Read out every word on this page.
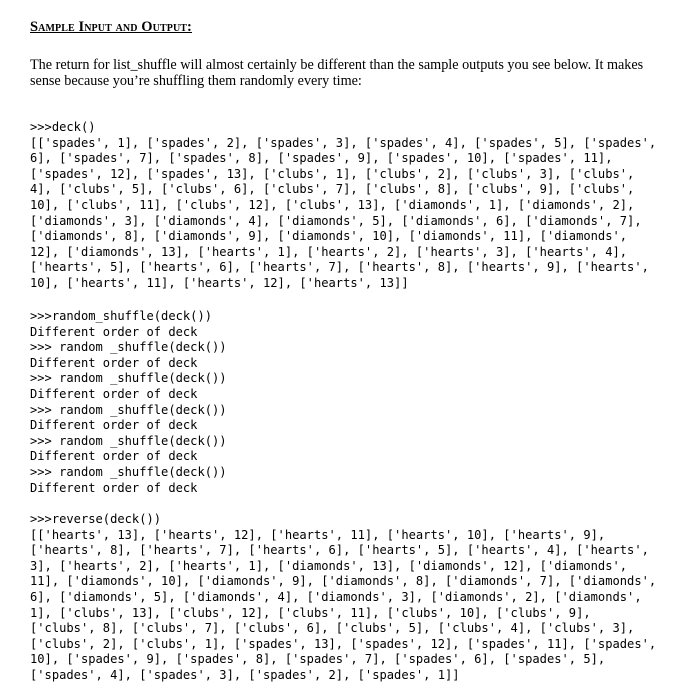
Sample Input and Output:

The return for list_shuffle will almost certainly be different than the sample outputs you see below. It makes sense because you’re shuffling them randomly every time:

>>>deck()
[['spades', 1], ['spades', 2], ['spades', 3], ['spades', 4], ['spades', 5], ['spades',
6], ['spades', 7], ['spades', 8], ['spades', 9], ['spades', 10], ['spades', 11],
['spades', 12], ['spades', 13], ['clubs', 1], ['clubs', 2], ['clubs', 3], ['clubs',
4], ['clubs', 5], ['clubs', 6], ['clubs', 7], ['clubs', 8], ['clubs', 9], ['clubs',
10], ['clubs', 11], ['clubs', 12], ['clubs', 13], ['diamonds', 1], ['diamonds', 2],
['diamonds', 3], ['diamonds', 4], ['diamonds', 5], ['diamonds', 6], ['diamonds', 7],
['diamonds', 8], ['diamonds', 9], ['diamonds', 10], ['diamonds', 11], ['diamonds',
12], ['diamonds', 13], ['hearts', 1], ['hearts', 2], ['hearts', 3], ['hearts', 4],
['hearts', 5], ['hearts', 6], ['hearts', 7], ['hearts', 8], ['hearts', 9], ['hearts',
10], ['hearts', 11], ['hearts', 12], ['hearts', 13]]
>>>random_shuffle(deck())
Different order of deck
>>> random _shuffle(deck())
Different order of deck
>>> random _shuffle(deck())
Different order of deck
>>> random _shuffle(deck())
Different order of deck
>>> random _shuffle(deck())
Different order of deck
>>> random _shuffle(deck())
Different order of deck
>>>reverse(deck())
[['hearts', 13], ['hearts', 12], ['hearts', 11], ['hearts', 10], ['hearts', 9],
['hearts', 8], ['hearts', 7], ['hearts', 6], ['hearts', 5], ['hearts', 4], ['hearts',
3], ['hearts', 2], ['hearts', 1], ['diamonds', 13], ['diamonds', 12], ['diamonds',
11], ['diamonds', 10], ['diamonds', 9], ['diamonds', 8], ['diamonds', 7], ['diamonds',
6], ['diamonds', 5], ['diamonds', 4], ['diamonds', 3], ['diamonds', 2], ['diamonds',
1], ['clubs', 13], ['clubs', 12], ['clubs', 11], ['clubs', 10], ['clubs', 9],
['clubs', 8], ['clubs', 7], ['clubs', 6], ['clubs', 5], ['clubs', 4], ['clubs', 3],
['clubs', 2], ['clubs', 1], ['spades', 13], ['spades', 12], ['spades', 11], ['spades',
10], ['spades', 9], ['spades', 8], ['spades', 7], ['spades', 6], ['spades', 5],
['spades', 4], ['spades', 3], ['spades', 2], ['spades', 1]]
